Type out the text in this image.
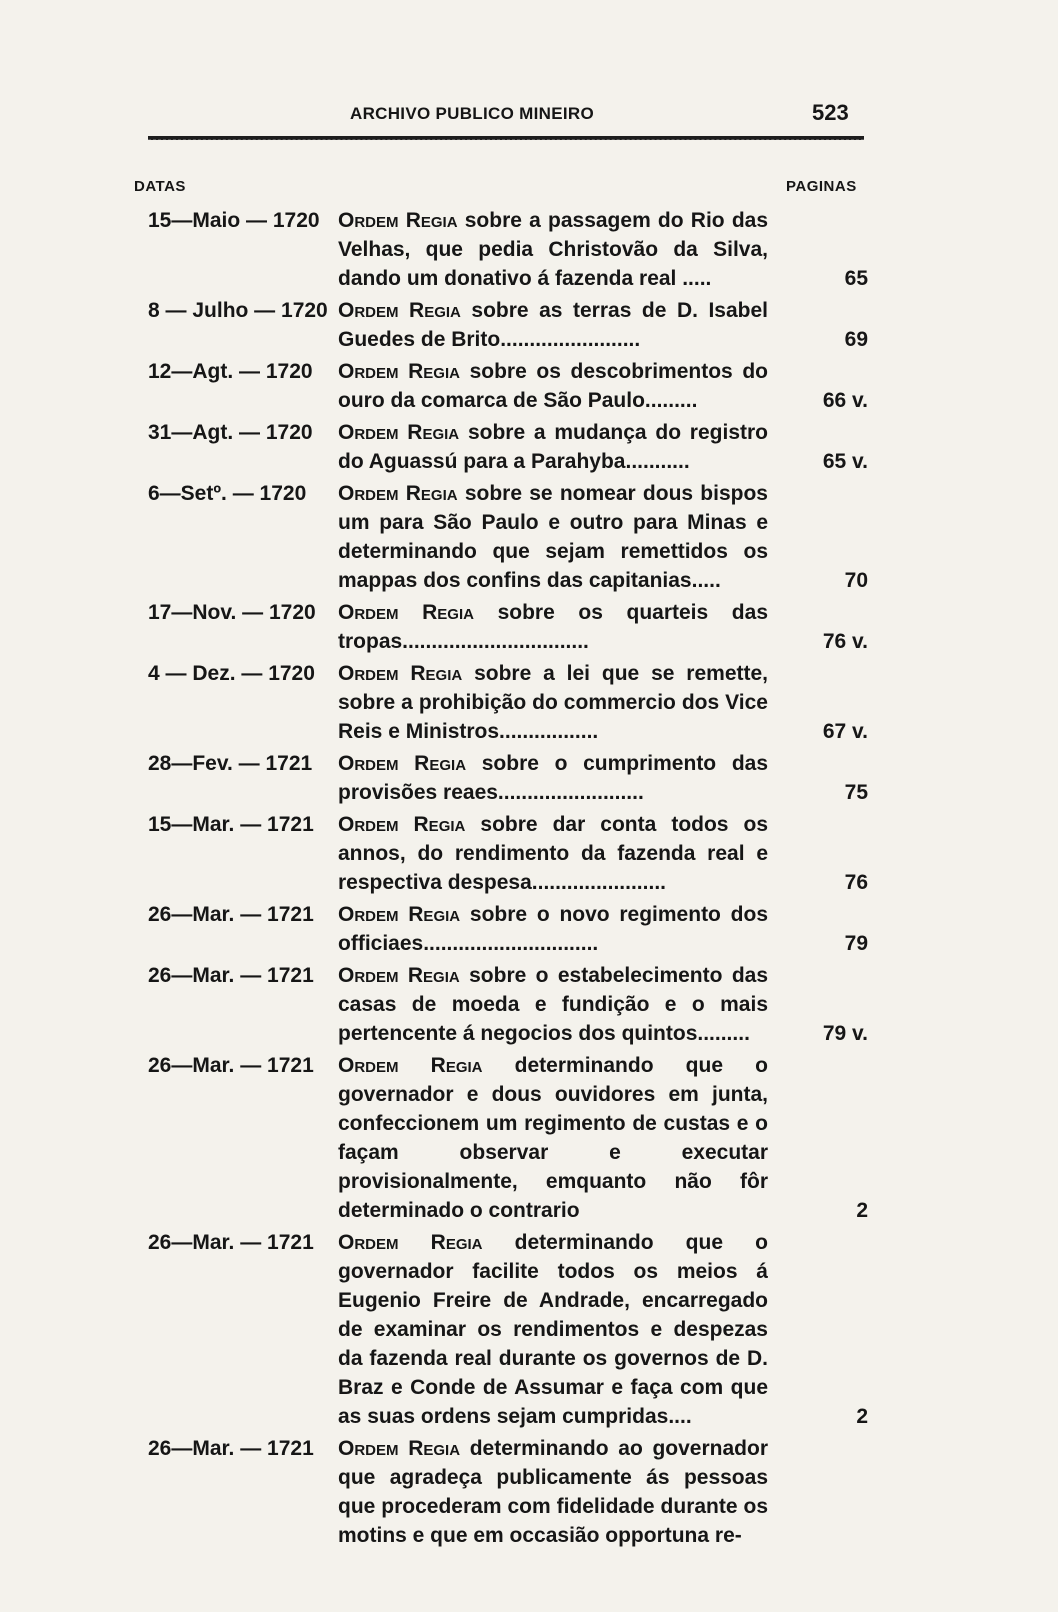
ARCHIVO PUBLICO MINEIRO	523
DATAS	PAGINAS
15—Maio — 1720 Ordem Regia sobre a passagem do Rio das Velhas, que pedia Christovão da Silva, dando um donativo á fazenda real .....	65
8 — Julho — 1720 Ordem Regia sobre as terras de D. Isabel Guedes de Brito........................	69
12—Agt. — 1720	Ordem Regia sobre os descobrimentos do ouro da comarca de São Paulo.........	66 v.
31—Agt. — 1720	Ordem Regia sobre a mudança do registro do Aguassú para a Parahyba...........	65 v.
6—Setº. — 1720	Ordem Regia sobre se nomear dous bispos um para São Paulo e outro para Minas e determinando que sejam remettidos os mappas dos confins das capitanias.....	70
17—Nov. — 1720	Ordem Regia sobre os quarteis das tropas................................	76 v.
4 — Dez. — 1720	Ordem Regia sobre a lei que se remette, sobre a prohibição do commercio dos Vice Reis e Ministros.................	67 v.
28—Fev. — 1721	Ordem Regia sobre o cumprimento das provisões reaes.........................	75
15—Mar. — 1721	Ordem Regia sobre dar conta todos os annos, do rendimento da fazenda real e respectiva despesa.......................	76
26—Mar. — 1721	Ordem Regia sobre o novo regimento dos officiaes..............................	79
26—Mar. — 1721	Ordem Regia sobre o estabelecimento das casas de moeda e fundição e o mais pertencente á negocios dos quintos.........	79 v.
26—Mar. — 1721	Ordem Regia determinando que o governador e dous ouvidores em junta, confeccionem um regimento de custas e o façam observar e executar provisionalmente, emquanto não fôr determinado o contrario	2
26—Mar. — 1721	Ordem Regia determinando que o governador facilite todos os meios á Eugenio Freire de Andrade, encarregado de examinar os rendimentos e despezas da fazenda real durante os governos de D. Braz e Conde de Assumar e faça com que as suas ordens sejam cumpridas....	2
26—Mar. — 1721	Ordem Regia determinando ao governador que agradeça publicamente ás pessoas que procederam com fidelidade durante os motins e que em occasião opportuna re-
